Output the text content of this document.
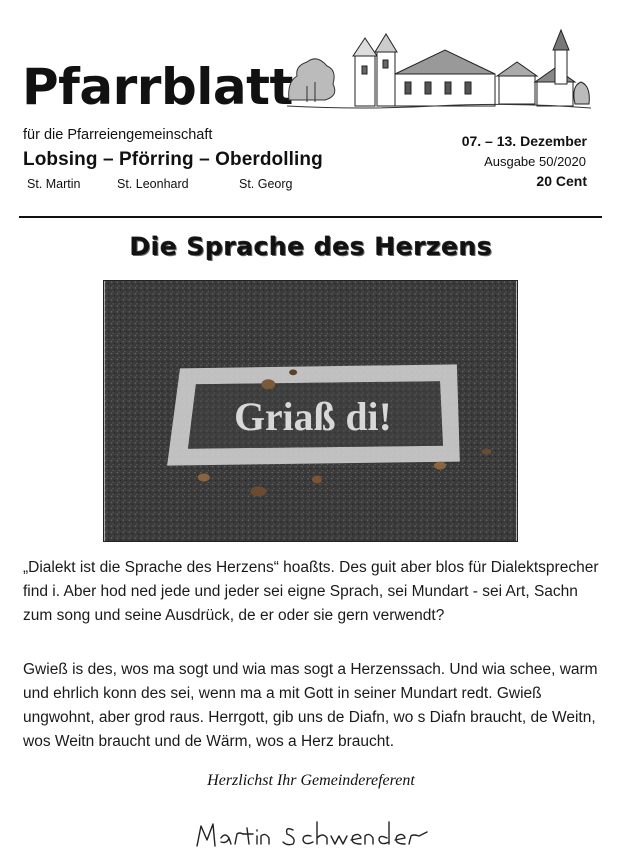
Pfarrblatt
für die Pfarreiengemeinschaft
Lobsing – Pförring – Oberdolling
St. Martin	St. Leonhard	St. Georg
07. – 13. Dezember
Ausgabe 50/2020
20 Cent
Die Sprache des Herzens
Griaß di!
„Dialekt ist die Sprache des Herzens“ hoaßts. Des guit aber blos für Dialektsprecher find i. Aber hod ned jede und jeder sei eigne Sprach, sei Mundart - sei Art, Sachn zum song und seine Ausdrück, de er oder sie gern verwendt?
Gwieß is des, wos ma sogt und wia mas sogt a Herzenssach. Und wia schee, warm und ehrlich konn des sei, wenn ma a mit Gott in seiner Mundart redt. Gwieß ungwohnt, aber grod raus. Herrgott, gib uns de Diafn, wo s Diafn braucht, de Weitn, wos Weitn braucht und de Wärm, wos a Herz braucht.
Herzlichst Ihr Gemeindereferent
